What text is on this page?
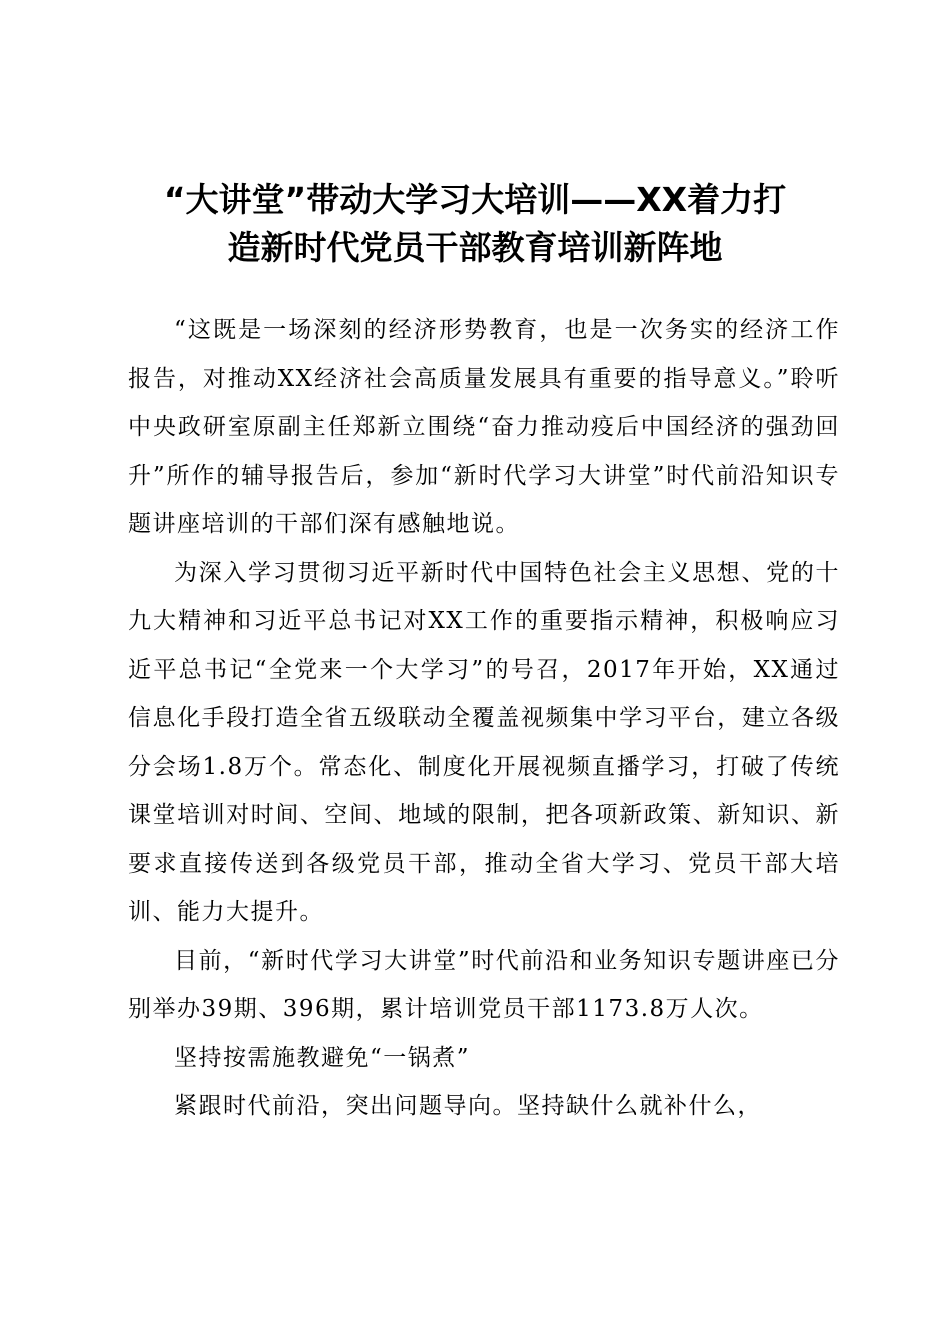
“大讲堂”带动大学习大培训——XX着力打
造新时代党员干部教育培训新阵地

“这既是一场深刻的经济形势教育，也是一次务实的经济工作报告，对推动XX经济社会高质量发展具有重要的指导意义。”聆听中央政研室原副主任郑新立围绕“奋力推动疫后中国经济的强劲回升”所作的辅导报告后，参加“新时代学习大讲堂”时代前沿知识专题讲座培训的干部们深有感触地说。

为深入学习贯彻习近平新时代中国特色社会主义思想、党的十九大精神和习近平总书记对XX工作的重要指示精神，积极响应习近平总书记“全党来一个大学习”的号召，2017年开始，XX通过信息化手段打造全省五级联动全覆盖视频集中学习平台，建立各级分会场1.8万个。常态化、制度化开展视频直播学习，打破了传统课堂培训对时间、空间、地域的限制，把各项新政策、新知识、新要求直接传送到各级党员干部，推动全省大学习、党员干部大培训、能力大提升。

目前，“新时代学习大讲堂”时代前沿和业务知识专题讲座已分别举办39期、396期，累计培训党员干部1173.8万人次。

坚持按需施教避免“一锅煮”

紧跟时代前沿，突出问题导向。坚持缺什么就补什么，
